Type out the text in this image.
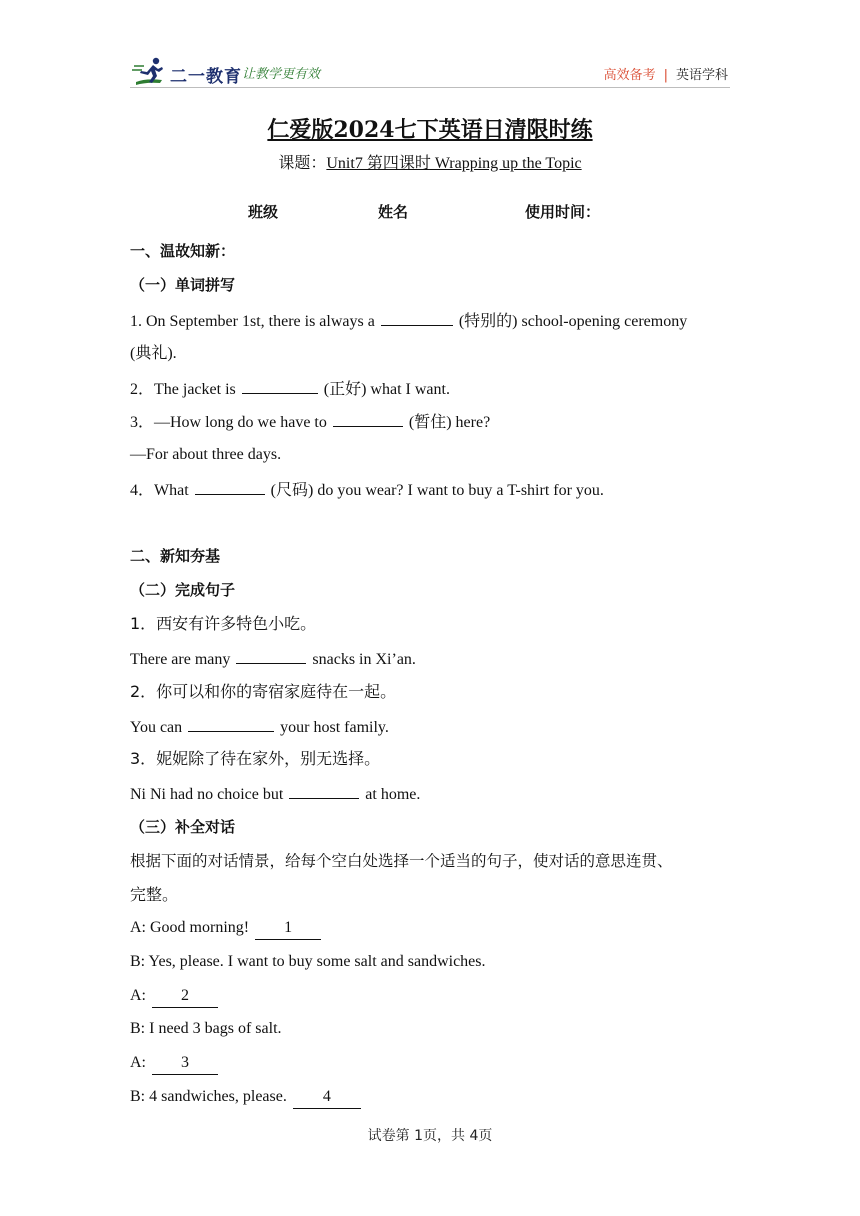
二一教育 让教学更有效	高效备考 | 英语学科
仁爱版2024七下英语日清限时练
课题：Unit7 第四课时 Wrapping up the Topic
班级	姓名	使用时间：
一、温故知新：
（一）单词拼写
1. On September 1st, there is always a	(特别的) school-opening ceremony
(典礼).
2．The jacket is	(正好) what I want.
3．—How long do we have to	(暂住) here?
—For about three days.
4．What	(尺码) do you wear? I want to buy a T-shirt for you.
二、新知夯基
（二）完成句子
1．西安有许多特色小吃。
There are many	snacks in Xi’an.
2．你可以和你的寄宿家庭待在一起。
You can	your host family.
3．妮妮除了待在家外，别无选择。
Ni Ni had no choice but	at home.
（三）补全对话
根据下面的对话情景，给每个空白处选择一个适当的句子，使对话的意思连贯、
完整。
A: Good morning! 1
B: Yes, please. I want to buy some salt and sandwiches.
A: 2
B: I need 3 bags of salt.
A: 3
B: 4 sandwiches, please. 4
试卷第 1页，共 4页
